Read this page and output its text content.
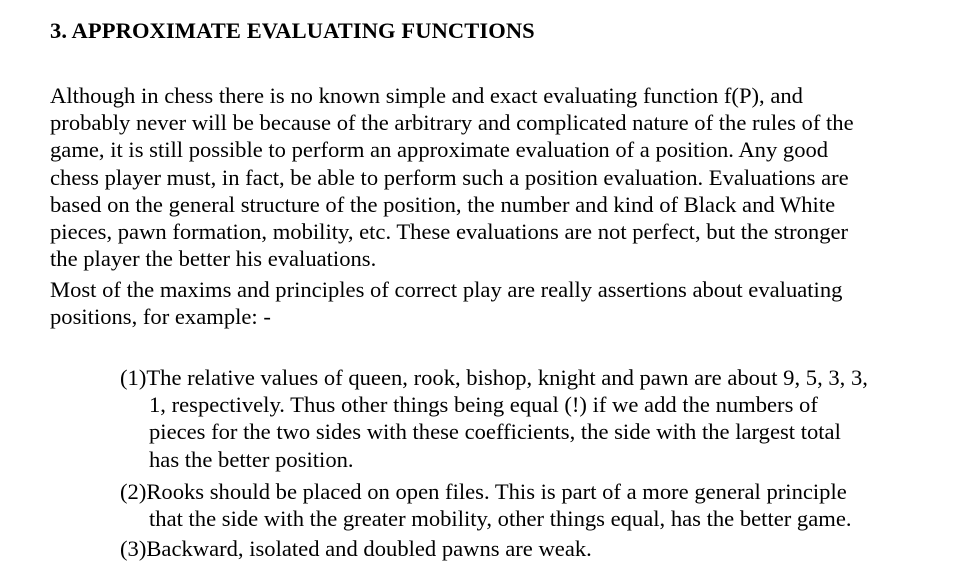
3. APPROXIMATE EVALUATING FUNCTIONS

Although in chess there is no known simple and exact evaluating function f(P), and
probably never will be because of the arbitrary and complicated nature of the rules of the
game, it is still possible to perform an approximate evaluation of a position. Any good
chess player must, in fact, be able to perform such a position evaluation. Evaluations are
based on the general structure of the position, the number and kind of Black and White
pieces, pawn formation, mobility, etc. These evaluations are not perfect, but the stronger
the player the better his evaluations.

Most of the maxims and principles of correct play are really assertions about evaluating
positions, for example: -

(1)The relative values of queen, rook, bishop, knight and pawn are about 9, 5, 3, 3,
1, respectively. Thus other things being equal (!) if we add the numbers of
pieces for the two sides with these coefficients, the side with the largest total
has the better position.
(2)Rooks should be placed on open files. This is part of a more general principle
that the side with the greater mobility, other things equal, has the better game.
(3)Backward, isolated and doubled pawns are weak.
